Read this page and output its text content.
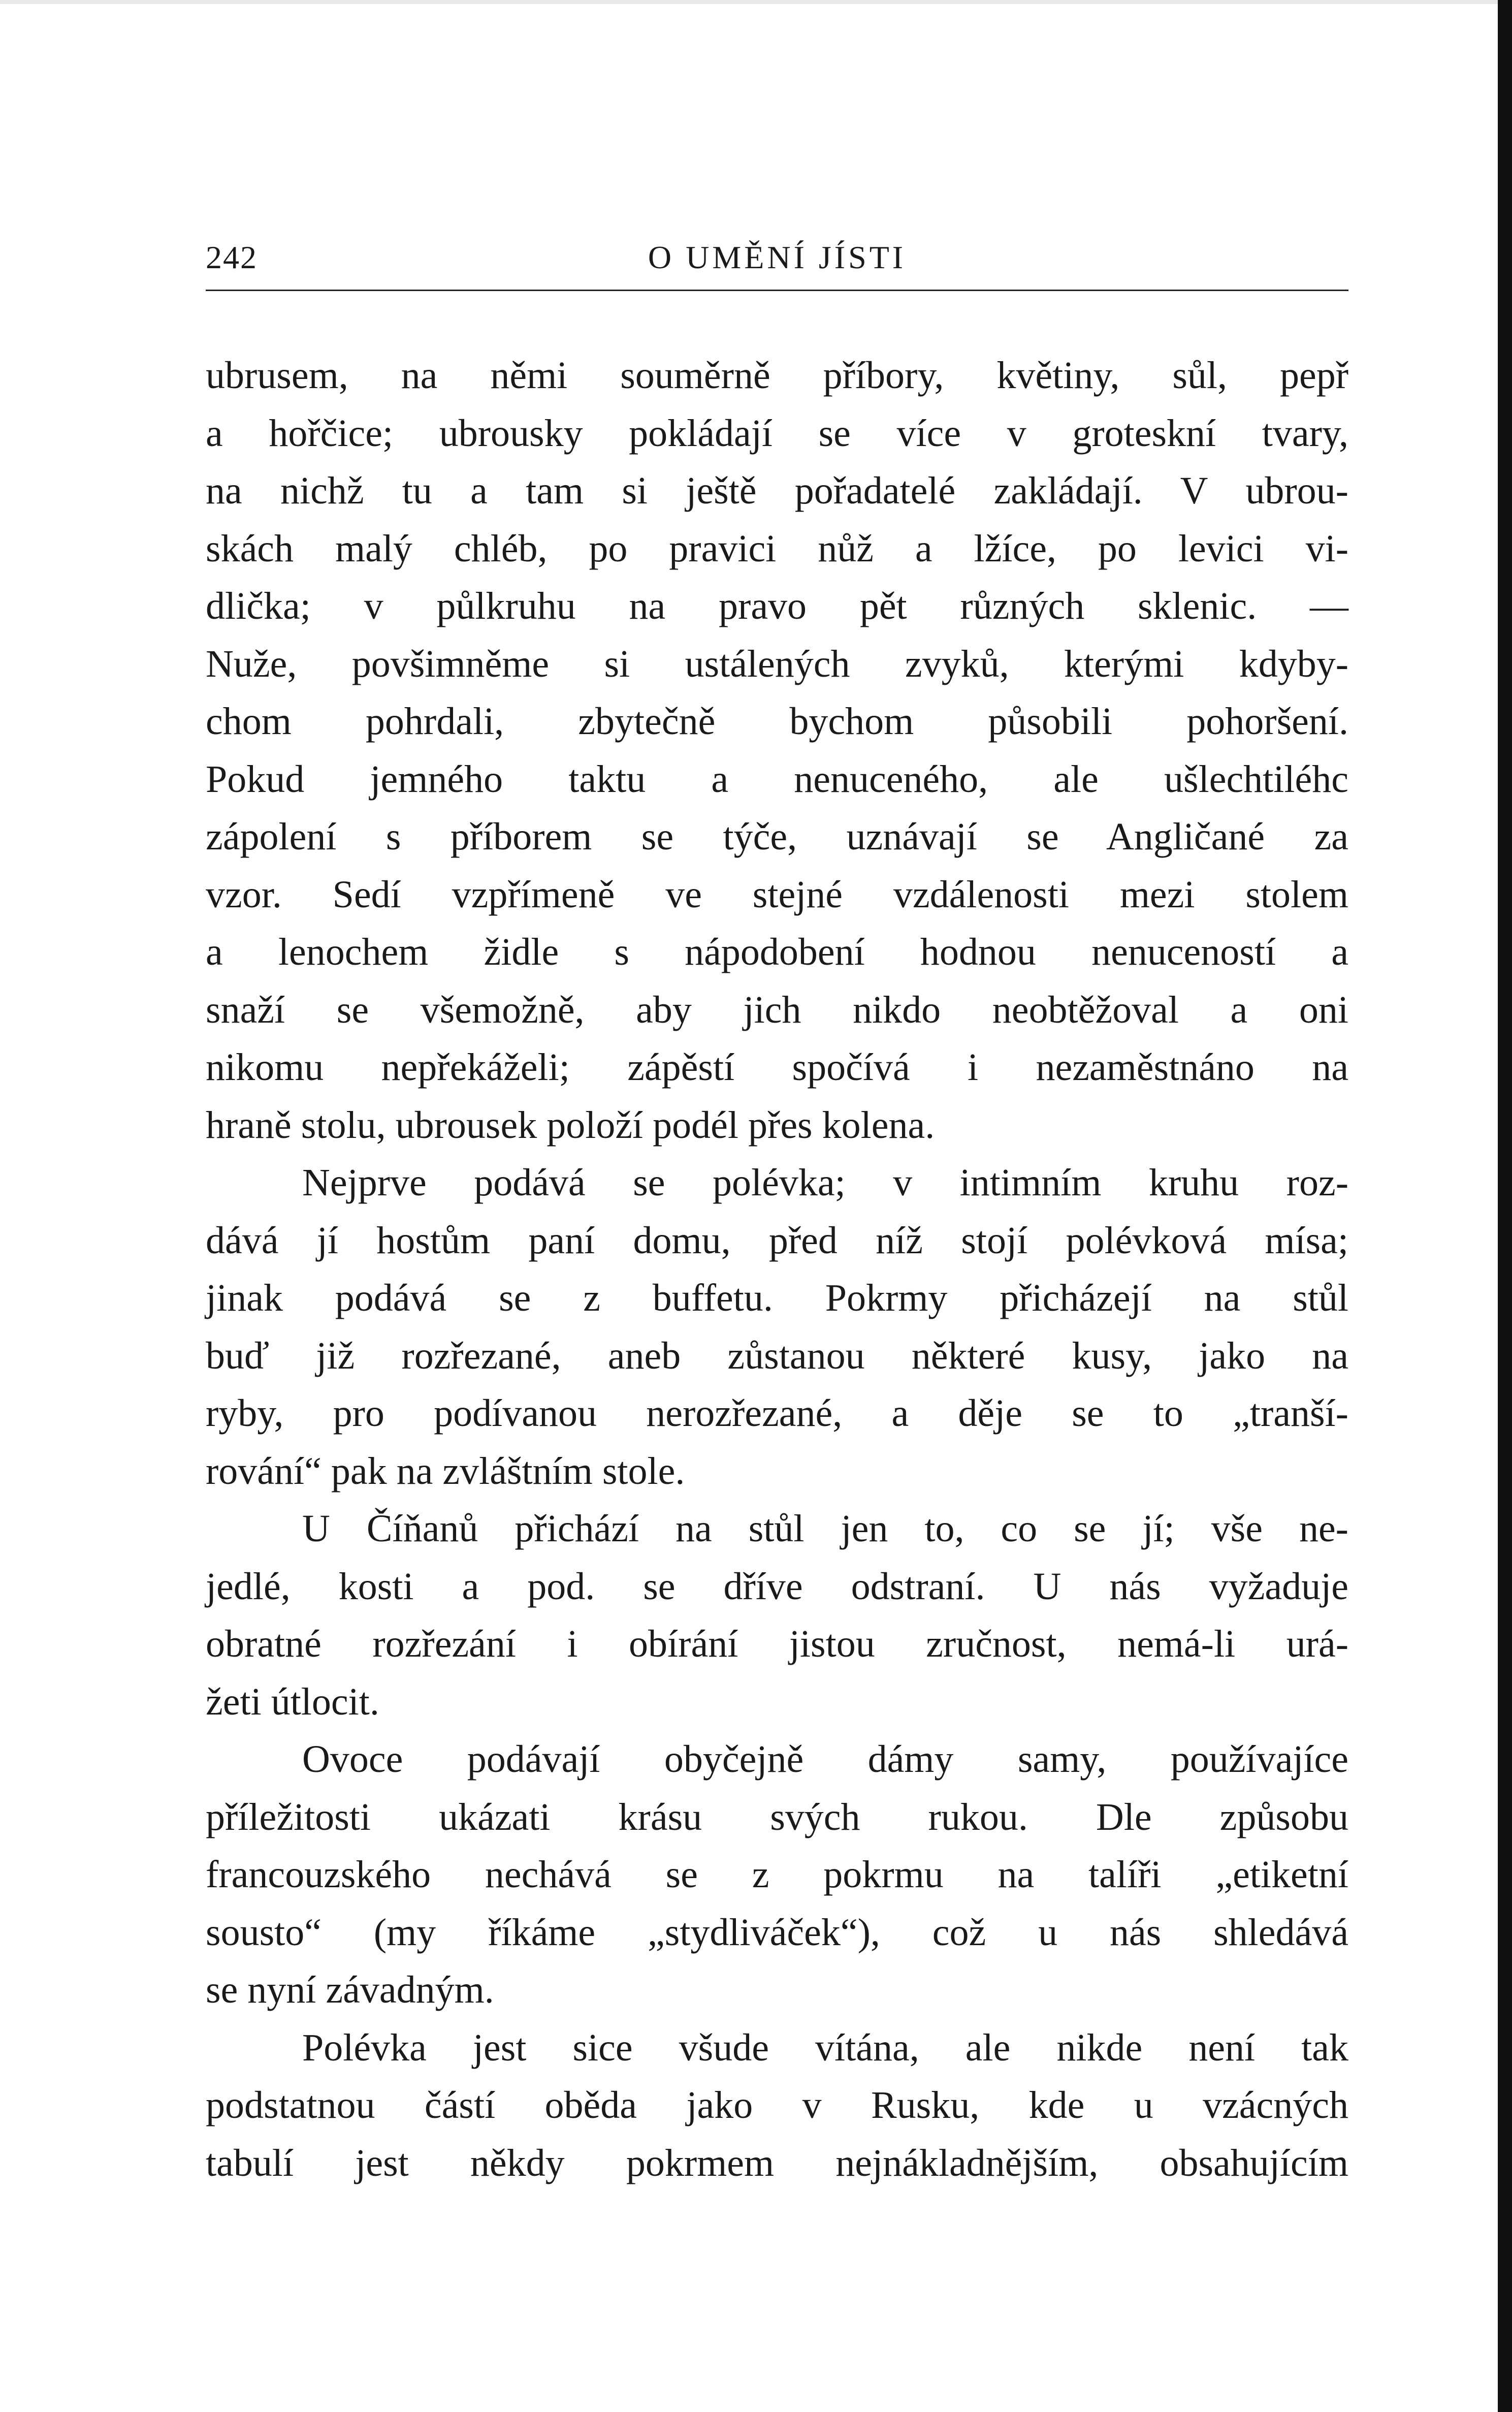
242	O UMĚNÍ JÍSTI
ubrusem, na němi souměrně příbory, květiny, sůl, pepř
a hořčice; ubrousky pokládají se více v groteskní tvary,
na nichž tu a tam si ještě pořadatelé zakládají. V ubrou-
skách malý chléb, po pravici nůž a lžíce, po levici vi-
dlička; v půlkruhu na pravo pět různých sklenic. —
Nuže, povšimněme si ustálených zvyků, kterými kdyby-
chom pohrdali, zbytečně bychom působili pohoršení.
Pokud jemného taktu a nenuceného, ale ušlechtiléhc
zápolení s příborem se týče, uznávají se Angličané za
vzor. Sedí vzpřímeně ve stejné vzdálenosti mezi stolem
a lenochem židle s nápodobení hodnou nenuceností a
snaží se všemožně, aby jich nikdo neobtěžoval a oni
nikomu nepřekáželi; zápěstí spočívá i nezaměstnáno na
hraně stolu, ubrousek položí podél přes kolena.
Nejprve podává se polévka; v intimním kruhu roz-
dává jí hostům paní domu, před níž stojí polévková mísa;
jinak podává se z buffetu. Pokrmy přicházejí na stůl
buď již rozřezané, aneb zůstanou některé kusy, jako na
ryby, pro podívanou nerozřezané, a děje se to „tranší-
rování“ pak na zvláštním stole.
U Číňanů přichází na stůl jen to, co se jí; vše ne-
jedlé, kosti a pod. se dříve odstraní. U nás vyžaduje
obratné rozřezání i obírání jistou zručnost, nemá-li urá-
žeti útlocit.
Ovoce podávají obyčejně dámy samy, používajíce
příležitosti ukázati krásu svých rukou. Dle způsobu
francouzského nechává se z pokrmu na talíři „etiketní
sousto“ (my říkáme „stydliváček“), což u nás shledává
se nyní závadným.
Polévka jest sice všude vítána, ale nikde není tak
podstatnou částí oběda jako v Rusku, kde u vzácných
tabulí jest někdy pokrmem nejnákladnějším, obsahujícím
